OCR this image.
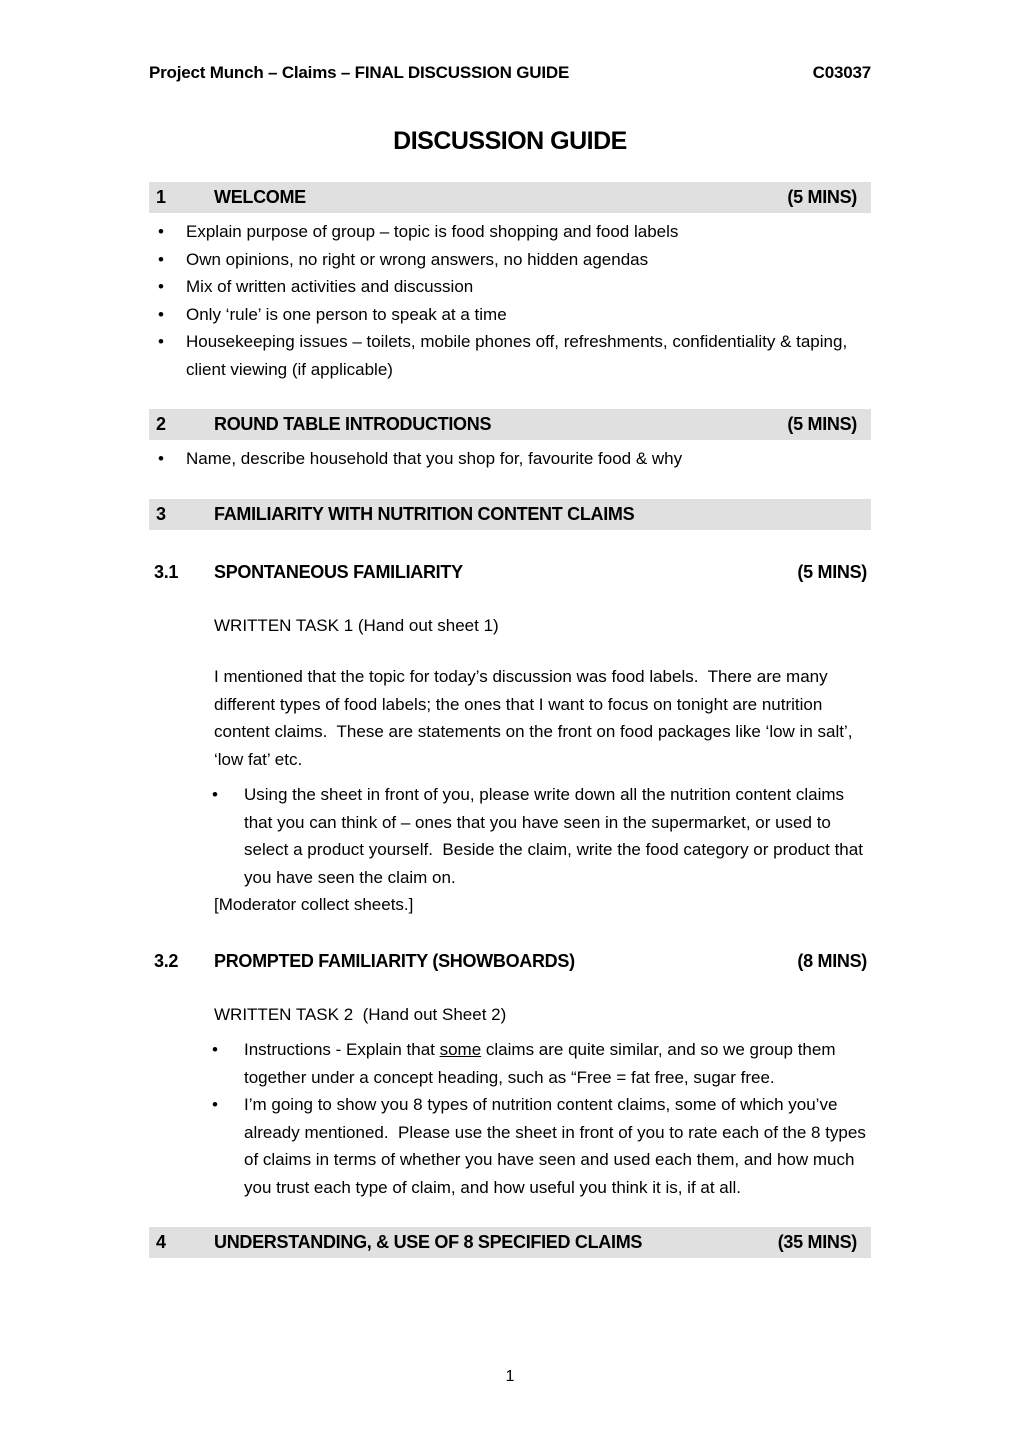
Project Munch – Claims – FINAL DISCUSSION GUIDE	C03037
DISCUSSION GUIDE
1	WELCOME	(5 MINS)
• Explain purpose of group – topic is food shopping and food labels
• Own opinions, no right or wrong answers, no hidden agendas
• Mix of written activities and discussion
• Only ‘rule’ is one person to speak at a time
• Housekeeping issues – toilets, mobile phones off, refreshments, confidentiality & taping, client viewing (if applicable)
2	ROUND TABLE INTRODUCTIONS	(5 MINS)
• Name, describe household that you shop for, favourite food & why
3	FAMILIARITY WITH NUTRITION CONTENT CLAIMS
3.1	SPONTANEOUS FAMILIARITY	(5 MINS)
WRITTEN TASK 1 (Hand out sheet 1)
I mentioned that the topic for today’s discussion was food labels.  There are many different types of food labels; the ones that I want to focus on tonight are nutrition content claims.  These are statements on the front on food packages like ‘low in salt’, ‘low fat’ etc.
• Using the sheet in front of you, please write down all the nutrition content claims that you can think of – ones that you have seen in the supermarket, or used to select a product yourself.  Beside the claim, write the food category or product that you have seen the claim on.
[Moderator collect sheets.]
3.2	PROMPTED FAMILIARITY (SHOWBOARDS)	(8 MINS)
WRITTEN TASK 2  (Hand out Sheet 2)
• Instructions - Explain that some claims are quite similar, and so we group them together under a concept heading, such as “Free = fat free, sugar free.
• I’m going to show you 8 types of nutrition content claims, some of which you’ve already mentioned.  Please use the sheet in front of you to rate each of the 8 types of claims in terms of whether you have seen and used each them, and how much you trust each type of claim, and how useful you think it is, if at all.
4	UNDERSTANDING, & USE OF 8 SPECIFIED CLAIMS	(35 MINS)
1
